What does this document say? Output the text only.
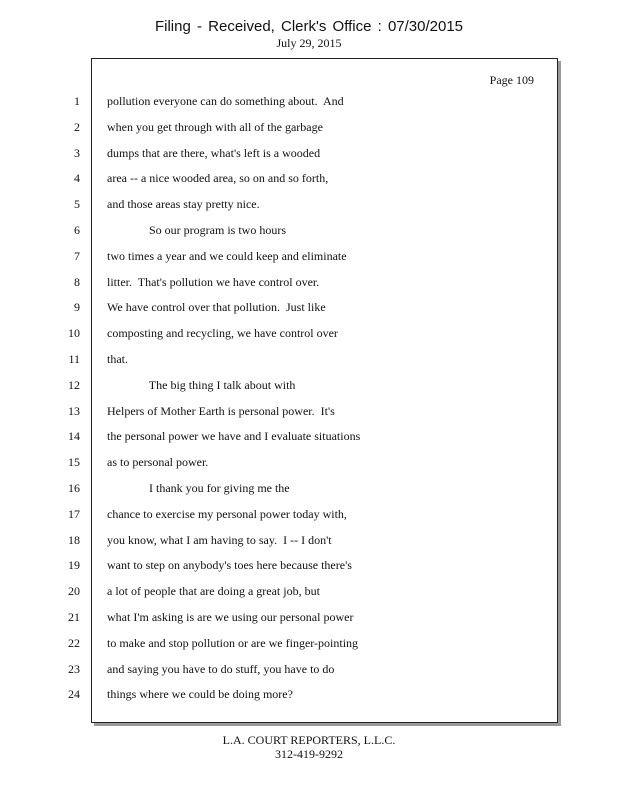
Filing - Received, Clerk's Office : 07/30/2015
July 29, 2015
Page 109
1
2
3
4
5
6
7
8
9
10
11
12
13
14
15
16
17
18
19
20
21
22
23
24
pollution everyone can do something about.  And
when you get through with all of the garbage
dumps that are there, what's left is a wooded
area -- a nice wooded area, so on and so forth,
and those areas stay pretty nice.
So our program is two hours
two times a year and we could keep and eliminate
litter.  That's pollution we have control over.
We have control over that pollution.  Just like
composting and recycling, we have control over
that.
The big thing I talk about with
Helpers of Mother Earth is personal power.  It's
the personal power we have and I evaluate situations
as to personal power.
I thank you for giving me the
chance to exercise my personal power today with,
you know, what I am having to say.  I -- I don't
want to step on anybody's toes here because there's
a lot of people that are doing a great job, but
what I'm asking is are we using our personal power
to make and stop pollution or are we finger-pointing
and saying you have to do stuff, you have to do
things where we could be doing more?
L.A. COURT REPORTERS, L.L.C.
312-419-9292
